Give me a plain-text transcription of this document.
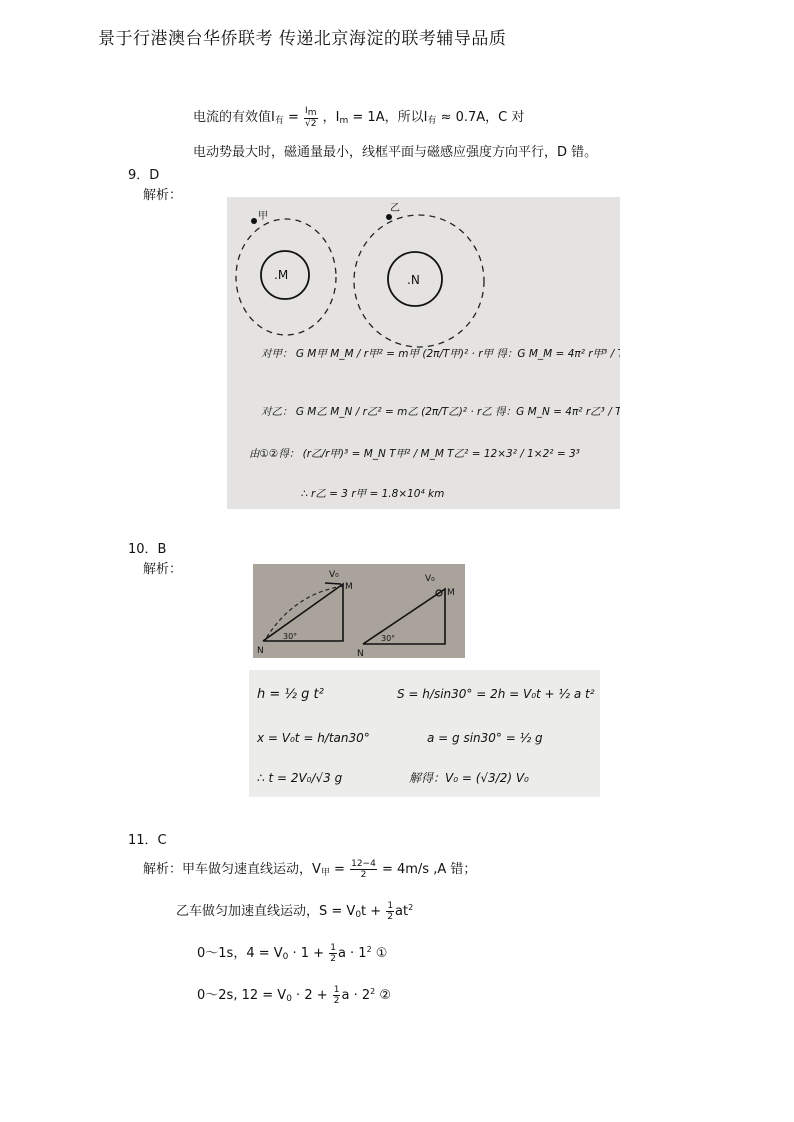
景于行港澳台华侨联考 传递北京海淀的联考辅导品质
电流的有效值$I_有 = \frac{Im}{√2}$ ，$I_m = 1A$，所以$I_有 \approx 0.7A$，C 对
电动势最大时，磁通量最小，线框平面与磁感应强度方向平行，D 错。
9．D
解析：
.M	.N
甲
乙
对甲： G M甲 M_M / r甲² = m甲 (2π/T甲)² · r甲 得：G M_M = 4π² r甲³ / T甲² ①
对乙： G M乙 M_N / r乙² = m乙 (2π/T乙)² · r乙 得：G M_N = 4π² r乙³ / T乙² ②
由①②得： (r乙/r甲)³ = M_N T甲² / M_M T乙² = 12×3² / 1×2² = 3³
∴ r乙 = 3 r甲 = 1.8×10⁴ km
10．B
解析：	V₀
M
N
30°
V₀
M
N
30°
h = ½ g t²
x = V₀t = h/tan30°
∴ t = 2V₀/√3 g
S = h/sin30° = 2h = V₀t + ½ a t²
a = g sin30° = ½ g
解得：V₀ = (√3/2) V₀
11．C
解析：甲车做匀速直线运动，$V_甲 = \frac{12-4}{2} = 4m/s$ ,A 错；
乙车做匀加速直线运动，$S = V_0t + \frac{1}{2} at^2$
0～1s，$4 = V_0 \cdot 1 + \frac{1}{2}$ $a \cdot 1^2$ ①
0～2s, $12 = V_0 \cdot 2 + \frac{1}{2}$ $a \cdot 2^2$ ②
